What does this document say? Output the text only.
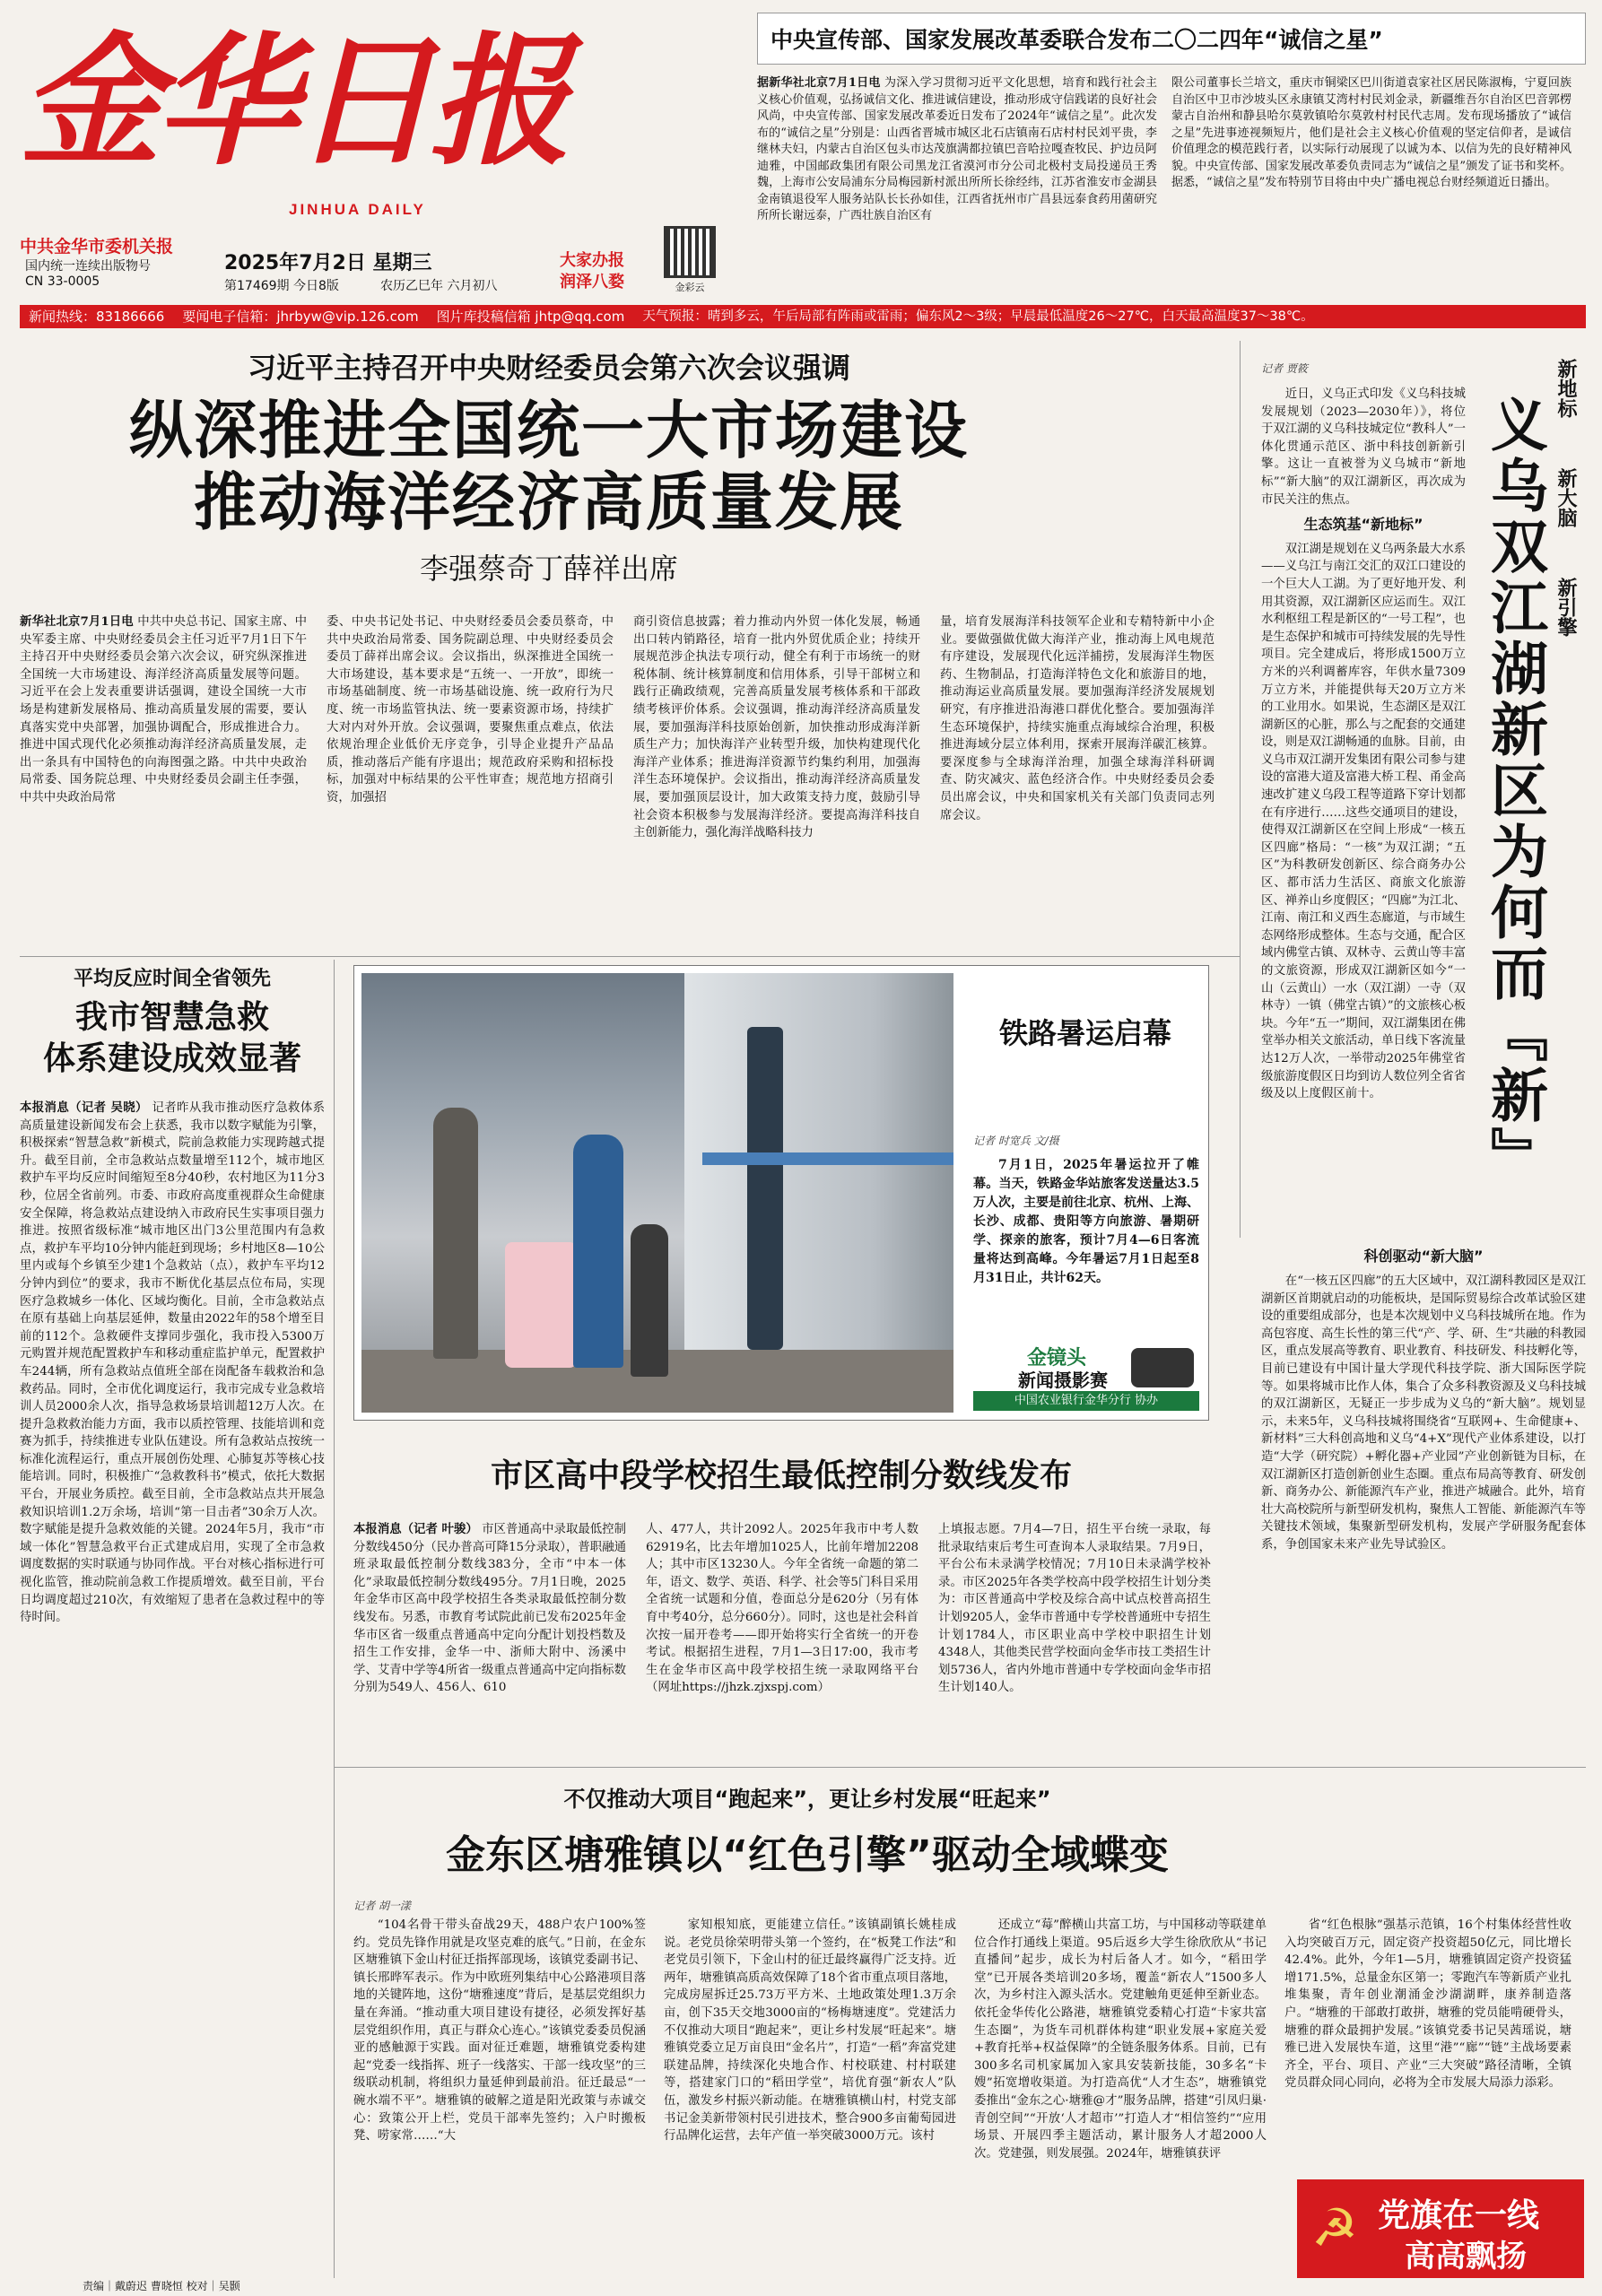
金华日报
JINHUA DAILY
中共金华市委机关报
国内统一连续出版物号
CN 33-0005
2025年7月2日 星期三
第17469期 今日8版	农历乙巳年 六月初八
大家办报
润泽八婺	金彩云
中央宣传部、国家发展改革委联合发布二〇二四年“诚信之星”
据新华社北京7月1日电 为深入学习贯彻习近平文化思想，培育和践行社会主义核心价值观，弘扬诚信文化、推进诚信建设，推动形成守信践诺的良好社会风尚，中央宣传部、国家发展改革委近日发布了2024年“诚信之星”。此次发布的“诚信之星”分别是：山西省晋城市城区北石店镇南石店村村民刘平贵，李继林夫妇，内蒙古自治区包头市达茂旗满都拉镇巴音哈拉嘎查牧民、护边员阿迪雅，中国邮政集团有限公司黑龙江省漠河市分公司北极村支局投递员王秀魏，上海市公安局浦东分局梅园新村派出所所长徐经纬，江苏省淮安市金湖县金南镇退役军人服务站队长长孙如佳，江西省抚州市广昌县远泰食药用菌研究所所长谢远泰，广西壮族自治区有
限公司董事长兰培文，重庆市铜梁区巴川街道袁家社区居民陈淑梅，宁夏回族自治区中卫市沙坡头区永康镇艾湾村村民刘金录，新疆维吾尔自治区巴音郭楞蒙古自治州和静县哈尔莫敦镇哈尔莫敦村村民代志周。发布现场播放了“诚信之星”先进事迹视频短片，他们是社会主义核心价值观的坚定信仰者，是诚信价值理念的模范践行者，以实际行动展现了以诚为本、以信为先的良好精神风貌。中央宣传部、国家发展改革委负责同志为“诚信之星”颁发了证书和奖杯。据悉，“诚信之星”发布特别节目将由中央广播电视总台财经频道近日播出。
新闻热线：83186666	要闻电子信箱：jhrbyw@vip.126.com	图片库投稿信箱 jhtp@qq.com	天气预报：晴到多云，午后局部有阵雨或雷雨；偏东风2～3级；早晨最低温度26～27℃，白天最高温度37～38℃。
习近平主持召开中央财经委员会第六次会议强调
纵深推进全国统一大市场建设
推动海洋经济高质量发展
李强蔡奇丁薛祥出席
新华社北京7月1日电 中共中央总书记、国家主席、中央军委主席、中央财经委员会主任习近平7月1日下午主持召开中央财经委员会第六次会议，研究纵深推进全国统一大市场建设、海洋经济高质量发展等问题。习近平在会上发表重要讲话强调，建设全国统一大市场是构建新发展格局、推动高质量发展的需要，要认真落实党中央部署，加强协调配合，形成推进合力。推进中国式现代化必须推动海洋经济高质量发展，走出一条具有中国特色的向海图强之路。中共中央政治局常委、国务院总理、中央财经委员会副主任李强，中共中央政治局常
委、中央书记处书记、中央财经委员会委员蔡奇，中共中央政治局常委、国务院副总理、中央财经委员会委员丁薛祥出席会议。会议指出，纵深推进全国统一大市场建设，基本要求是“五统一、一开放”，即统一市场基础制度、统一市场基础设施、统一政府行为尺度、统一市场监管执法、统一要素资源市场，持续扩大对内对外开放。会议强调，要聚焦重点难点，依法依规治理企业低价无序竞争，引导企业提升产品品质，推动落后产能有序退出；规范政府采购和招标投标，加强对中标结果的公平性审查；规范地方招商引资，加强招
商引资信息披露；着力推动内外贸一体化发展，畅通出口转内销路径，培育一批内外贸优质企业；持续开展规范涉企执法专项行动，健全有利于市场统一的财税体制、统计核算制度和信用体系，引导干部树立和践行正确政绩观，完善高质量发展考核体系和干部政绩考核评价体系。会议强调，推动海洋经济高质量发展，要加强海洋科技原始创新，加快推动形成海洋新质生产力；加快海洋产业转型升级，加快构建现代化海洋产业体系；推进海洋资源节约集约利用，加强海洋生态环境保护。会议指出，推动海洋经济高质量发展，要加强顶层设计，加大政策支持力度，鼓励引导社会资本积极参与发展海洋经济。要提高海洋科技自主创新能力，强化海洋战略科技力
量，培育发展海洋科技领军企业和专精特新中小企业。要做强做优做大海洋产业，推动海上风电规范有序建设，发展现代化远洋捕捞，发展海洋生物医药、生物制品，打造海洋特色文化和旅游目的地，推动海运业高质量发展。要加强海洋经济发展规划研究，有序推进沿海港口群优化整合。要加强海洋生态环境保护，持续实施重点海域综合治理，积极推进海域分层立体利用，探索开展海洋碳汇核算。要深度参与全球海洋治理，加强全球海洋科研调查、防灾减灾、蓝色经济合作。中央财经委员会委员出席会议，中央和国家机关有关部门负责同志列席会议。
记者 贾筱	新地标
新大脑
新引擎
义乌双江湖新区为何而『新』

近日，义乌正式印发《义乌科技城发展规划（2023—2030年）》，将位于双江湖的义乌科技城定位“教科人”一体化贯通示范区、浙中科技创新新引擎。这让一直被誉为义乌城市“新地标”“新大脑”的双江湖新区，再次成为市民关注的焦点。

生态筑基“新地标”

双江湖是规划在义乌两条最大水系——义乌江与南江交汇的双江口建设的一个巨大人工湖。为了更好地开发、利用其资源，双江湖新区应运而生。双江水利枢纽工程是新区的“一号工程”，也是生态保护和城市可持续发展的先导性项目。完全建成后，将形成1500万立方米的兴利调蓄库容，年供水量7309万立方米，并能提供每天20万立方米的工业用水。如果说，生态湖区是双江湖新区的心脏，那么与之配套的交通建设，则是双江湖畅通的血脉。目前，由义乌市双江湖开发集团有限公司参与建设的富港大道及富港大桥工程、甬金高速改扩建义乌段工程等道路下穿计划都在有序进行……这些交通项目的建设，使得双江湖新区在空间上形成“一核五区四廊”格局：“一核”为双江湖；“五区”为科教研发创新区、综合商务办公区、都市活力生活区、商旅文化旅游区、禅养山乡度假区；“四廊”为江北、江南、南江和义西生态廊道，与市域生态网络形成整体。生态与交通，配合区域内佛堂古镇、双林寺、云黄山等丰富的文旅资源，形成双江湖新区如今“一山（云黄山）一水（双江湖）一寺（双林寺）一镇（佛堂古镇）”的文旅核心板块。今年“五一”期间，双江湖集团在佛堂举办相关文旅活动，单日线下客流量达12万人次，一举带动2025年佛堂省级旅游度假区日均到访人数位列全省省级及以上度假区前十。

科创驱动“新大脑”

在“一核五区四廊”的五大区域中，双江湖科教园区是双江湖新区首期就启动的功能板块，是国际贸易综合改革试验区建设的重要组成部分，也是本次规划中义乌科技城所在地。作为高包容度、高生长性的第三代“产、学、研、生”共融的科教园区，重点发展高等教育、职业教育、科技研发、科技孵化等，目前已建设有中国计量大学现代科技学院、浙大国际医学院等。如果将城市比作人体，集合了众多科教资源及义乌科技城的双江湖新区，无疑正一步步成为义乌的“新大脑”。规划显示，未来5年，义乌科技城将围绕省“互联网+、生命健康+、新材料”三大科创高地和义乌“4+X”现代产业体系建设，以打造“大学（研究院）+孵化器+产业园”产业创新链为目标，在双江湖新区打造创新创业生态圈。重点布局高等教育、研发创新、商务办公、新能源汽车产业，推进产城融合。此外，培育壮大高校院所与新型研发机构，聚焦人工智能、新能源汽车等关键技术领域，集聚新型研发机构，发展产学研服务配套体系，争创国家未来产业先导试验区。

平均反应时间全省领先
我市智慧急救
体系建设成效显著
本报消息（记者 吴晓） 记者昨从我市推动医疗急救体系高质量建设新闻发布会上获悉，我市以数字赋能为引擎，积极探索“智慧急救”新模式，院前急救能力实现跨越式提升。截至目前，全市急救站点数量增至112个，城市地区救护车平均反应时间缩短至8分40秒，农村地区为11分3秒，位居全省前列。市委、市政府高度重视群众生命健康安全保障，将急救站点建设纳入市政府民生实事项目强力推进。按照省级标准“城市地区出门3公里范围内有急救点，救护车平均10分钟内能赶到现场；乡村地区8—10公里内或每个乡镇至少建1个急救站（点），救护车平均12分钟内到位”的要求，我市不断优化基层点位布局，实现医疗急救城乡一体化、区域均衡化。目前，全市急救站点在原有基础上向基层延伸，数量由2022年的58个增至目前的112个。急救硬件支撑同步强化，我市投入5300万元购置并规范配置救护车和移动重症监护单元，配置救护车244辆，所有急救站点值班全部在岗配备车载救治和急救药品。同时，全市优化调度运行，我市完成专业急救培训人员2000余人次，指导急救场景培训超12万人次。在提升急救救治能力方面，我市以质控管理、技能培训和竞赛为抓手，持续推进专业队伍建设。所有急救站点按统一标准化流程运行，重点开展创伤处理、心肺复苏等核心技能培训。同时，积极推广“急救教科书”模式，依托大数据平台，开展业务质控。截至目前，全市急救站点共开展急救知识培训1.2万余场，培训“第一目击者”30余万人次。数字赋能是提升急救效能的关键。2024年5月，我市“市域一体化”智慧急救平台正式建成启用，实现了全市急救调度数据的实时联通与协同作战。平台对核心指标进行可视化监管，推动院前急救工作提质增效。截至目前，平台日均调度超过210次，有效缩短了患者在急救过程中的等待时间。
铁路暑运启幕
记者 时宽兵 文/摄
7月1日，2025年暑运拉开了帷幕。当天，铁路金华站旅客发送量达3.5万人次，主要是前往北京、杭州、上海、长沙、成都、贵阳等方向旅游、暑期研学、探亲的旅客，预计7月4—6日客流量将达到高峰。今年暑运7月1日起至8月31日止，共计62天。
金镜头
新闻摄影赛
中国农业银行金华分行 协办
市区高中段学校招生最低控制分数线发布
本报消息（记者 叶骏） 市区普通高中录取最低控制分数线450分（民办普高可降15分录取），普职融通班录取最低控制分数线383分，全市“中本一体化”录取最低控制分数线495分。7月1日晚，2025年金华市区高中段学校招生各类录取最低控制分数线发布。另悉，市教育考试院此前已发布2025年金华市区省一级重点普通高中定向分配计划投档数及招生工作安排，金华一中、浙师大附中、汤溪中学、艾青中学等4所省一级重点普通高中定向指标数分别为549人、456人、610
人、477人，共计2092人。2025年我市中考人数62919名，比去年增加1025人，比前年增加2208人；其中市区13230人。今年全省统一命题的第二年，语文、数学、英语、科学、社会等5门科目采用全省统一试题和分值，卷面总分是620分（另有体育中考40分，总分660分）。同时，这也是社会科首次按一届开卷考——即开始将实行全省统一的开卷考试。根据招生进程，7月1—3日17:00，我市考生在金华市区高中段学校招生统一录取网络平台（网址https://jhzk.zjxspj.com）
上填报志愿。7月4—7日，招生平台统一录取，每批录取结束后考生可查询本人录取结果。7月9日，平台公布未录满学校情况；7月10日未录满学校补录。市区2025年各类学校高中段学校招生计划分类为：市区普通高中学校及综合高中试点校普高招生计划9205人，金华市普通中专学校普通班中专招生计划1784人，市区职业高中学校中职招生计划4348人，其他类民营学校面向金华市技工类招生计划5736人，省内外地市普通中专学校面向金华市招生计划140人。
不仅推动大项目“跑起来”，更让乡村发展“旺起来”
金东区塘雅镇以“红色引擎”驱动全域蝶变
记者 胡一漾

“104名骨干带头奋战29天，488户农户100%签约。党员先锋作用就是攻坚克难的底气。”日前，在金东区塘雅镇下金山村征迁指挥部现场，该镇党委副书记、镇长邢晔军表示。作为中欧班列集结中心公路港项目落地的关键阵地，这份“塘雅速度”背后，是基层党组织力量在奔涌。“推动重大项目建设有捷径，必须发挥好基层党组织作用，真正与群众心连心。”该镇党委委员倪涵亚的感触源于实践。面对征迁难题，塘雅镇党委构建起“党委一线指挥、班子一线落实、干部一线攻坚”的三级联动机制，将组织力量延伸到最前沿。征迁最忌“一碗水端不平”。塘雅镇的破解之道是阳光政策与赤诚交心：致策公开上栏，党员干部率先签约；入户时搬板凳、唠家常……“大

家知根知底，更能建立信任。”该镇副镇长姚桂成说。老党员徐荣明带头第一个签约，在“板凳工作法”和老党员引领下，下金山村的征迁最终赢得广泛支持。近两年，塘雅镇高质高效保障了18个省市重点项目落地，完成房屋拆迁25.73万平方米、土地政策处理1.3万余亩，创下35天交地3000亩的“杨梅塘速度”。党建活力不仅推动大项目“跑起来”，更让乡村发展“旺起来”。塘雅镇党委立足万亩良田“金名片”，打造“一稻”奔富党建联建品牌，持续深化央地合作、村校联建、村村联建等，搭建家门口的“稻田学堂”，培优育强“新农人”队伍，激发乡村振兴新动能。在塘雅镇横山村，村党支部书记金美新带领村民引进技术，整合900多亩葡萄园进行品牌化运营，去年产值一举突破3000万元。该村

还成立“莓”醉横山共富工坊，与中国移动等联建单位合作打通线上渠道。95后返乡大学生徐欣欣从“书记直播间”起步，成长为村后备人才。如今，“稻田学堂”已开展各类培训20多场，覆盖“新农人”1500多人次，为乡村注入源头活水。党建触角更延伸至新业态。依托金华传化公路港，塘雅镇党委精心打造“卡家共富生态圈”，为货车司机群体构建“职业发展+家庭关爱+教育托举+权益保障”的全链条服务体系。目前，已有300多名司机家属加入家具安装新技能，30多名“卡嫂”拓宽增收渠道。为打造高优“人才生态”，塘雅镇党委推出“金东之心·塘雅@才”服务品牌，搭建“引凤归巢·青创空间”“开放‘人才超市’”打造人才“相信签约”“应用场景、开展四季主题活动，累计服务人才超2000人次。党建强，则发展强。2024年，塘雅镇获评

省“红色根脉”强基示范镇，16个村集体经营性收入均突破百万元，固定资产投资超50亿元，同比增长42.4%。此外，今年1—5月，塘雅镇固定资产投资猛增171.5%，总量金东区第一；零跑汽车等新质产业扎堆集聚，青年创业潮涌金沙湖湖畔，康养制造落户。“塘雅的干部敢打敢拼，塘雅的党员能啃硬骨头，塘雅的群众最拥护发展。”该镇党委书记吴茜瑶说，塘雅已进入发展快车道，这里“港”“廊”“链”主战场要素齐全，平台、项目、产业“三大突破”路径清晰，全镇党员群众同心同向，必将为全市发展大局添力添彩。

☭ 党旗在一线
高高飘扬
责编｜戴蔚迟 曹晓恒 校对｜吴颢
